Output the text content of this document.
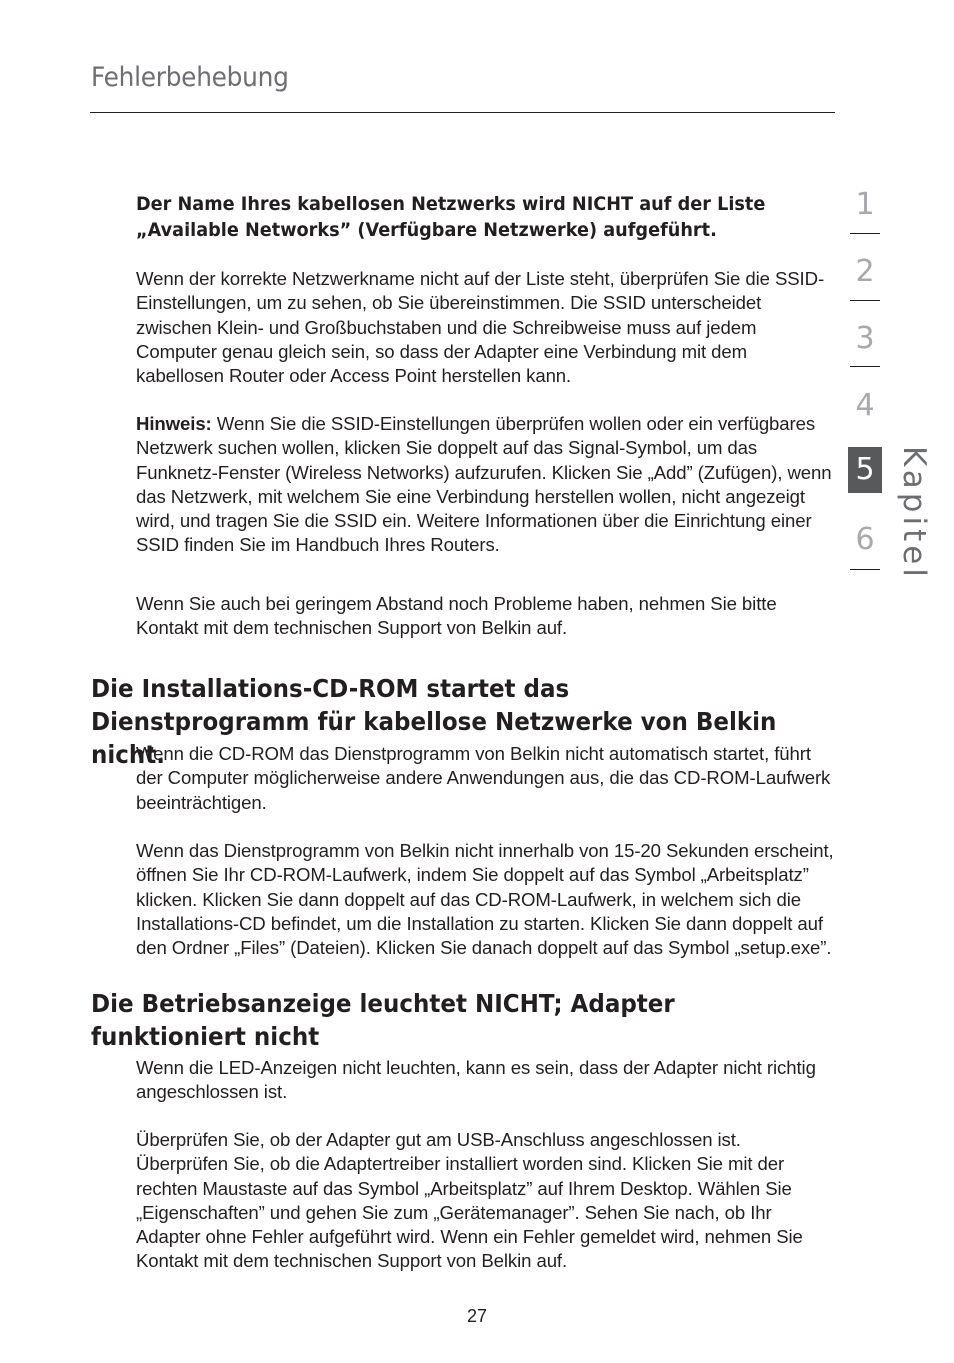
Fehlerbehebung
Der Name Ihres kabellosen Netzwerks wird NICHT auf der Liste
„Available Networks” (Verfügbare Netzwerke) aufgeführt.
Wenn der korrekte Netzwerkname nicht auf der Liste steht, überprüfen Sie die SSID-Einstellungen, um zu sehen, ob Sie übereinstimmen. Die SSID unterscheidet zwischen Klein- und Großbuchstaben und die Schreibweise muss auf jedem Computer genau gleich sein, so dass der Adapter eine Verbindung mit dem kabellosen Router oder Access Point herstellen kann.
Hinweis: Wenn Sie die SSID-Einstellungen überprüfen wollen oder ein verfügbares Netzwerk suchen wollen, klicken Sie doppelt auf das Signal-Symbol, um das Funknetz-Fenster (Wireless Networks) aufzurufen. Klicken Sie „Add” (Zufügen), wenn das Netzwerk, mit welchem Sie eine Verbindung herstellen wollen, nicht angezeigt wird, und tragen Sie die SSID ein. Weitere Informationen über die Einrichtung einer SSID finden Sie im Handbuch Ihres Routers.
Wenn Sie auch bei geringem Abstand noch Probleme haben, nehmen Sie bitte Kontakt mit dem technischen Support von Belkin auf.
Die Installations-CD-ROM startet das Dienstprogramm für kabellose Netzwerke von Belkin nicht.
Wenn die CD-ROM das Dienstprogramm von Belkin nicht automatisch startet, führt der Computer möglicherweise andere Anwendungen aus, die das CD-ROM-Laufwerk beeinträchtigen.
Wenn das Dienstprogramm von Belkin nicht innerhalb von 15-20 Sekunden erscheint, öffnen Sie Ihr CD-ROM-Laufwerk, indem Sie doppelt auf das Symbol „Arbeitsplatz” klicken. Klicken Sie dann doppelt auf das CD-ROM-Laufwerk, in welchem sich die Installations-CD befindet, um die Installation zu starten. Klicken Sie dann doppelt auf den Ordner „Files” (Dateien). Klicken Sie danach doppelt auf das Symbol „setup.exe”.
Die Betriebsanzeige leuchtet NICHT; Adapter funktioniert nicht
Wenn die LED-Anzeigen nicht leuchten, kann es sein, dass der Adapter nicht richtig angeschlossen ist.
Überprüfen Sie, ob der Adapter gut am USB-Anschluss angeschlossen ist. Überprüfen Sie, ob die Adaptertreiber installiert worden sind. Klicken Sie mit der rechten Maustaste auf das Symbol „Arbeitsplatz” auf Ihrem Desktop. Wählen Sie „Eigenschaften” und gehen Sie zum „Gerätemanager”. Sehen Sie nach, ob Ihr Adapter ohne Fehler aufgeführt wird. Wenn ein Fehler gemeldet wird, nehmen Sie Kontakt mit dem technischen Support von Belkin auf.
1
2
3
4
5
6 Kapitel
27
